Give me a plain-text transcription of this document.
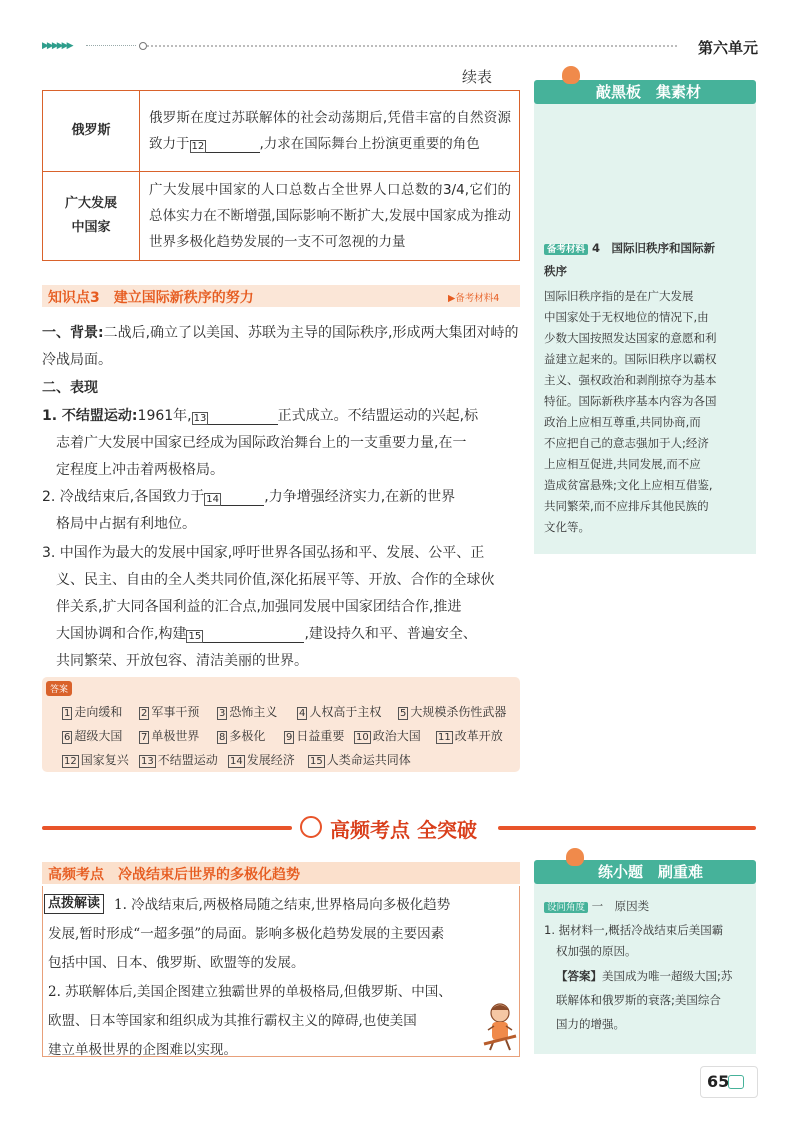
▶▶▶▶▶▶	第六单元
续表
俄罗斯	俄罗斯在度过苏联解体的社会动荡期后,凭借丰富的自然资源致力于 12 ,力求在国际舞台上扮演更重要的角色

广大发展
中国家	广大发展中国家的人口总数占全世界人口总数的3/4,它们的总体实力在不断增强,国际影响不断扩大,发展中国家成为推动世界多极化趋势发展的一支不可忽视的力量
知识点3　建立国际新秩序的努力	▶备考材料4
一、背景:二战后,确立了以美国、苏联为主导的国际秩序,形成两大集团对峙的冷战局面。
二、表现
1. 不结盟运动:1961年, 13	正式成立。不结盟运动的兴起,标
志着广大发展中国家已经成为国际政治舞台上的一支重要力量,在一
定程度上冲击着两极格局。
2. 冷战结束后,各国致力于 14	,力争增强经济实力,在新的世界
格局中占据有利地位。
3. 中国作为最大的发展中国家,呼吁世界各国弘扬和平、发展、公平、正
义、民主、自由的全人类共同价值,深化拓展平等、开放、合作的全球伙
伴关系,扩大同各国利益的汇合点,加强同发展中国家团结合作,推进
大国协调和合作,构建 15	,建设持久和平、普遍安全、
共同繁荣、开放包容、清洁美丽的世界。
答案
1 走向缓和 2 军事干预 3 恐怖主义 4 人权高于主权 5 大规模杀伤性武器
6 超级大国 7 单极世界 8 多极化 9 日益重要 10 政治大国 11 改革开放
12 国家复兴 13 不结盟运动 14 发展经济 15 人类命运共同体
敲黑板　集素材
备考材料 4　国际旧秩序和国际新
秩序
国际旧秩序指的是在广大发展
中国家处于无权地位的情况下,由
少数大国按照发达国家的意愿和利
益建立起来的。国际旧秩序以霸权
主义、强权政治和剥削掠夺为基本
特征。国际新秩序基本内容为各国
政治上应相互尊重,共同协商,而
不应把自己的意志强加于人;经济
上应相互促进,共同发展,而不应
造成贫富悬殊;文化上应相互借鉴,
共同繁荣,而不应排斥其他民族的
文化等。
高频考点 全突破
高频考点　冷战结束后世界的多极化趋势
点拨解读 1. 冷战结束后,两极格局随之结束,世界格局向多极化趋势
发展,暂时形成“一超多强”的局面。影响多极化趋势发展的主要因素
包括中国、日本、俄罗斯、欧盟等的发展。
2. 苏联解体后,美国企图建立独霸世界的单极格局,但俄罗斯、中国、
欧盟、日本等国家和组织成为其推行霸权主义的障碍,也使美国
建立单极世界的企图难以实现。
练小题　刷重难
设问角度 一　原因类
1. 据材料一,概括冷战结束后美国霸
权加强的原因。
【答案】美国成为唯一超级大国;苏
联解体和俄罗斯的衰落;美国综合
国力的增强。
65
